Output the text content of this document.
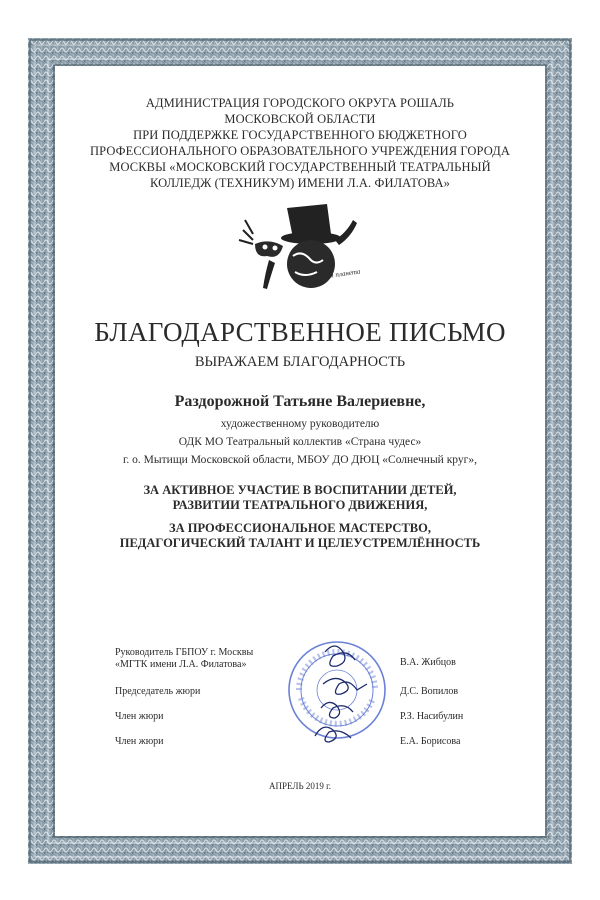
АДМИНИСТРАЦИЯ ГОРОДСКОГО ОКРУГА РОШАЛЬ
МОСКОВСКОЙ ОБЛАСТИ
ПРИ ПОДДЕРЖКЕ ГОСУДАРСТВЕННОГО БЮДЖЕТНОГО
ПРОФЕССИОНАЛЬНОГО ОБРАЗОВАТЕЛЬНОГО УЧРЕЖДЕНИЯ ГОРОДА
МОСКВЫ «МОСКОВСКИЙ ГОСУДАРСТВЕННЫЙ ТЕАТРАЛЬНЫЙ
КОЛЛЕДЖ (ТЕХНИКУМ) ИМЕНИ Л.А. ФИЛАТОВА»
БЛАГОДАРСТВЕННОЕ ПИСЬМО
ВЫРАЖАЕМ БЛАГОДАРНОСТЬ
Раздорожной Татьяне Валериевне,
художественному руководителю
ОДК МО Театральный коллектив «Страна чудес»
г. о. Мытищи Московской области, МБОУ ДО ДЮЦ «Солнечный круг»,
ЗА АКТИВНОЕ УЧАСТИЕ В ВОСПИТАНИИ ДЕТЕЙ,
РАЗВИТИИ ТЕАТРАЛЬНОГО ДВИЖЕНИЯ,
ЗА ПРОФЕССИОНАЛЬНОЕ МАСТЕРСТВО,
ПЕДАГОГИЧЕСКИЙ ТАЛАНТ И ЦЕЛЕУСТРЕМЛЁННОСТЬ
Театральная планета
Руководитель ГБПОУ г. Москвы
«МГТК имени Л.А. Филатова»	В.А. Жибцов
Председатель жюри	Д.С. Вопилов
Член жюри	Р.З. Насибулин
Член жюри	Е.А. Борисова
АПРЕЛЬ 2019 г.
